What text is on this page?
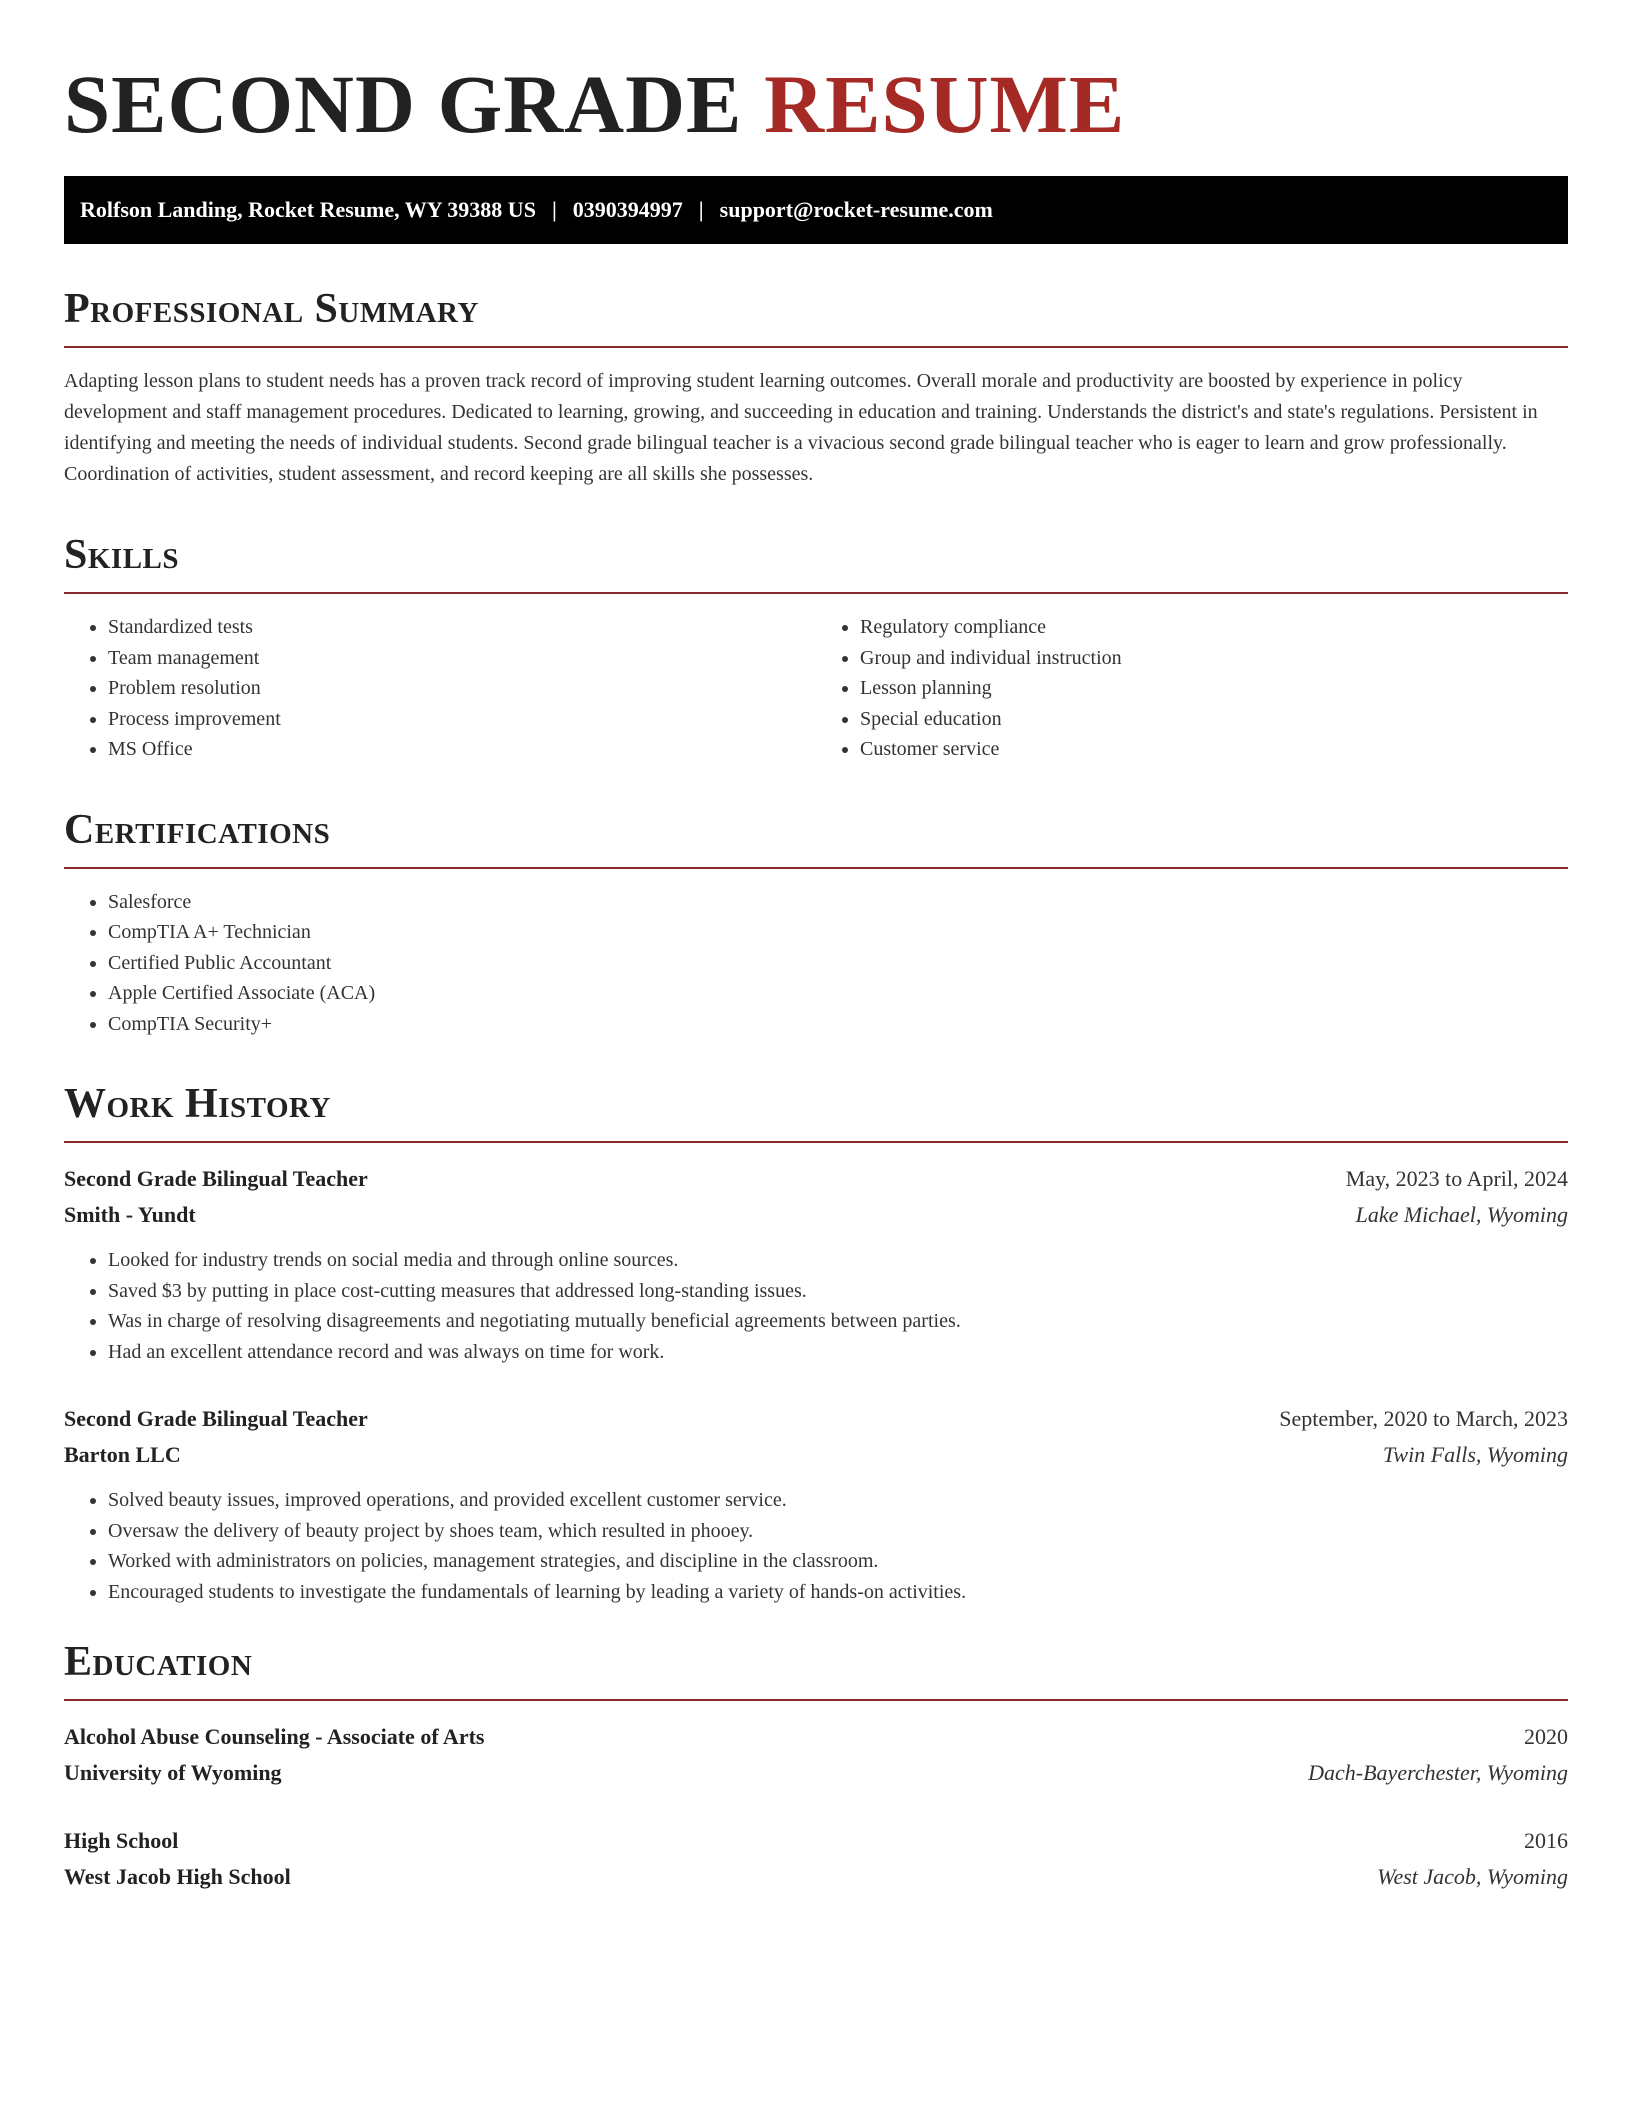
SECOND GRADE RESUME
Rolfson Landing, Rocket Resume, WY 39388 US | 0390394997 | support@rocket-resume.com
Professional Summary

Adapting lesson plans to student needs has a proven track record of improving student learning outcomes. Overall morale and productivity are boosted by experience in policy development and staff management procedures. Dedicated to learning, growing, and succeeding in education and training. Understands the district's and state's regulations. Persistent in identifying and meeting the needs of individual students. Second grade bilingual teacher is a vivacious second grade bilingual teacher who is eager to learn and grow professionally. Coordination of activities, student assessment, and record keeping are all skills she possesses.

Skills
• Standardized tests
• Team management
• Problem resolution
• Process improvement
• MS Office
• Regulatory compliance
• Group and individual instruction
• Lesson planning
• Special education
• Customer service
Certifications
• Salesforce
• CompTIA A+ Technician
• Certified Public Accountant
• Apple Certified Associate (ACA)
• CompTIA Security+
Work History
Second Grade Bilingual Teacher	May, 2023 to April, 2024
Smith - Yundt	Lake Michael, Wyoming
• Looked for industry trends on social media and through online sources.
• Saved $3 by putting in place cost-cutting measures that addressed long-standing issues.
• Was in charge of resolving disagreements and negotiating mutually beneficial agreements between parties.
• Had an excellent attendance record and was always on time for work.
Second Grade Bilingual Teacher	September, 2020 to March, 2023
Barton LLC	Twin Falls, Wyoming
• Solved beauty issues, improved operations, and provided excellent customer service.
• Oversaw the delivery of beauty project by shoes team, which resulted in phooey.
• Worked with administrators on policies, management strategies, and discipline in the classroom.
• Encouraged students to investigate the fundamentals of learning by leading a variety of hands-on activities.
Education
Alcohol Abuse Counseling - Associate of Arts	2020
University of Wyoming	Dach-Bayerchester, Wyoming
High School	2016
West Jacob High School	West Jacob, Wyoming
